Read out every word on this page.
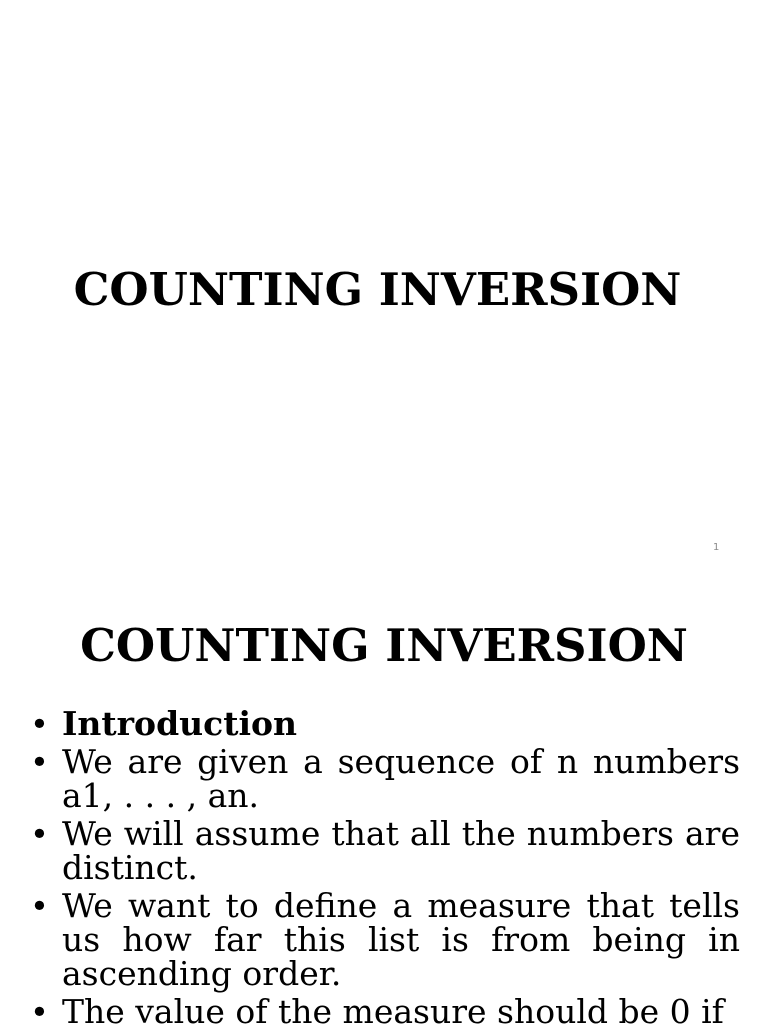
COUNTING INVERSION
1
COUNTING INVERSION
• Introduction
• We are given a sequence of n numbers a1, . . . , an.
• We will assume that all the numbers are distinct.
• We want to define a measure that tells us how far this list is from being in ascending order.
• The value of the measure should be 0 if
